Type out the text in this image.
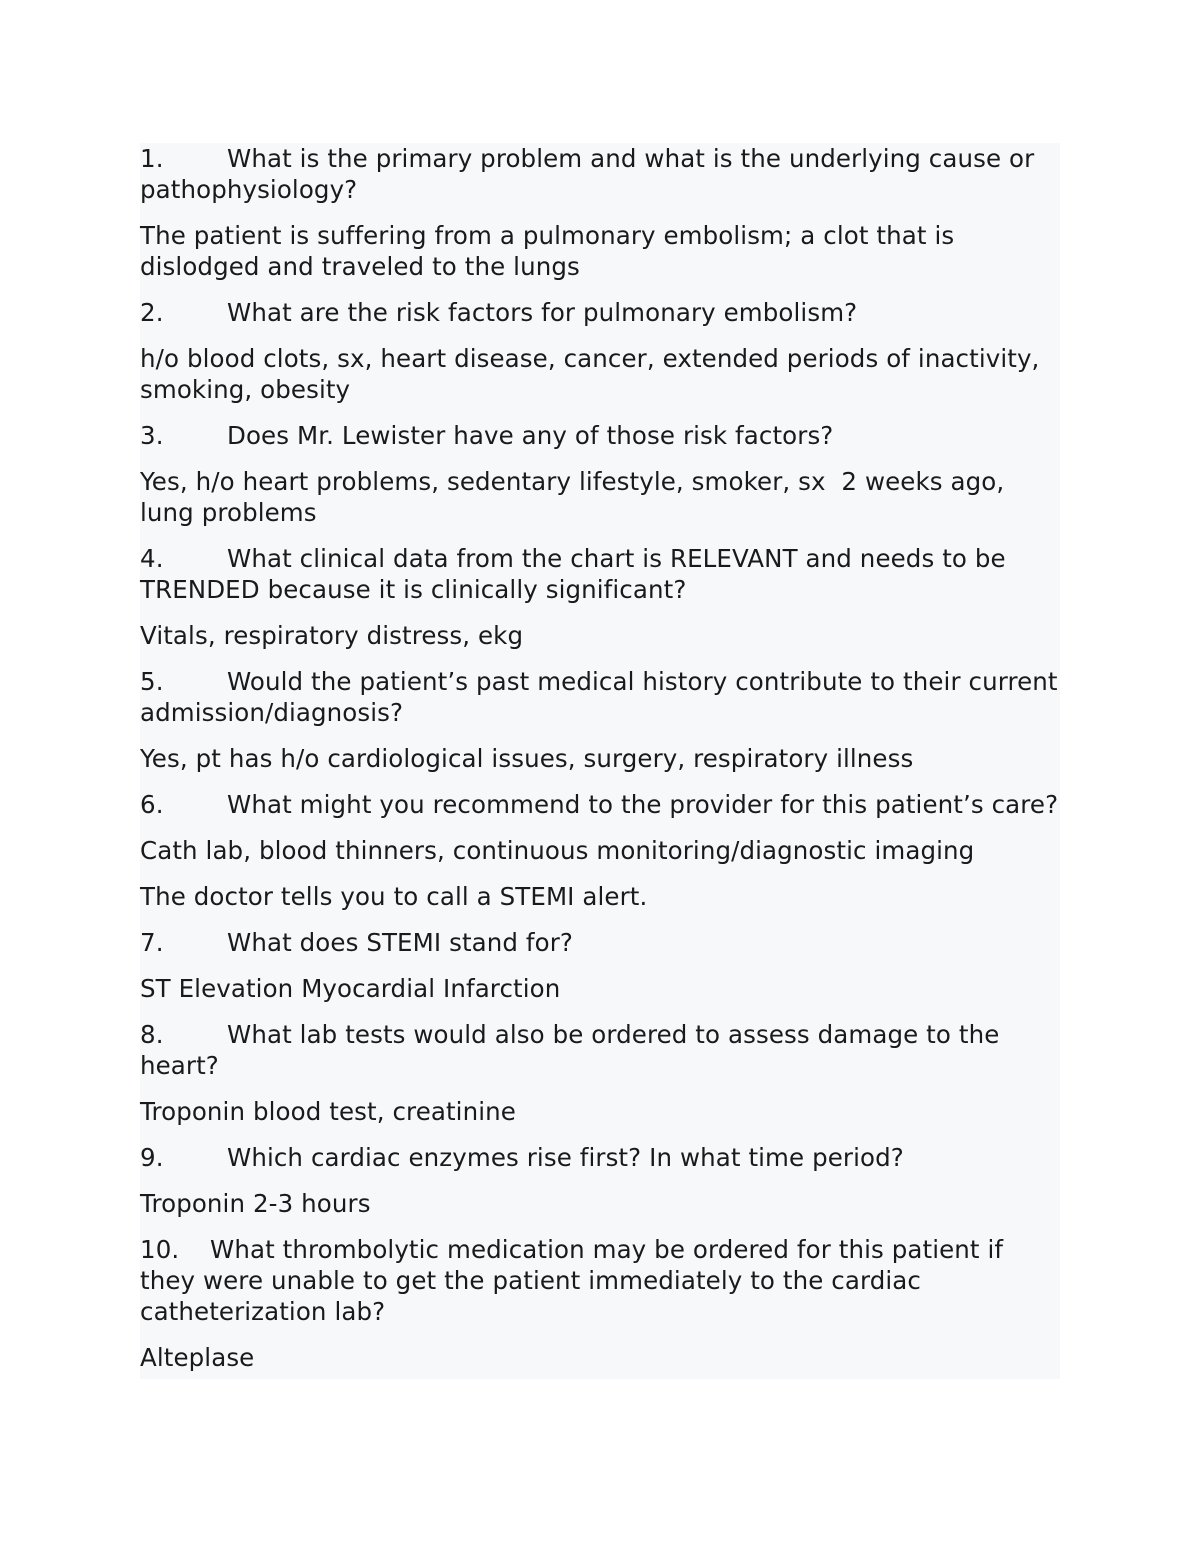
1.	What is the primary problem and what is the underlying cause or pathophysiology?

The patient is suffering from a pulmonary embolism; a clot that is dislodged and traveled to the lungs

2.	What are the risk factors for pulmonary embolism?

h/o blood clots, sx, heart disease, cancer, extended periods of inactivity, smoking, obesity

3.	Does Mr. Lewister have any of those risk factors?

Yes, h/o heart problems, sedentary lifestyle, smoker, sx  2 weeks ago, lung problems

4.	What clinical data from the chart is RELEVANT and needs to be TRENDED because it is clinically significant?

Vitals, respiratory distress, ekg

5.	Would the patient’s past medical history contribute to their current admission/diagnosis?

Yes, pt has h/o cardiological issues, surgery, respiratory illness

6.	What might you recommend to the provider for this patient’s care?

Cath lab, blood thinners, continuous monitoring/diagnostic imaging

The doctor tells you to call a STEMI alert.

7.	What does STEMI stand for?

ST Elevation Myocardial Infarction

8.	What lab tests would also be ordered to assess damage to the heart?

Troponin blood test, creatinine

9.	Which cardiac enzymes rise first? In what time period?

Troponin 2-3 hours

10. What thrombolytic medication may be ordered for this patient if they were unable to get the patient immediately to the cardiac catheterization lab?

Alteplase
